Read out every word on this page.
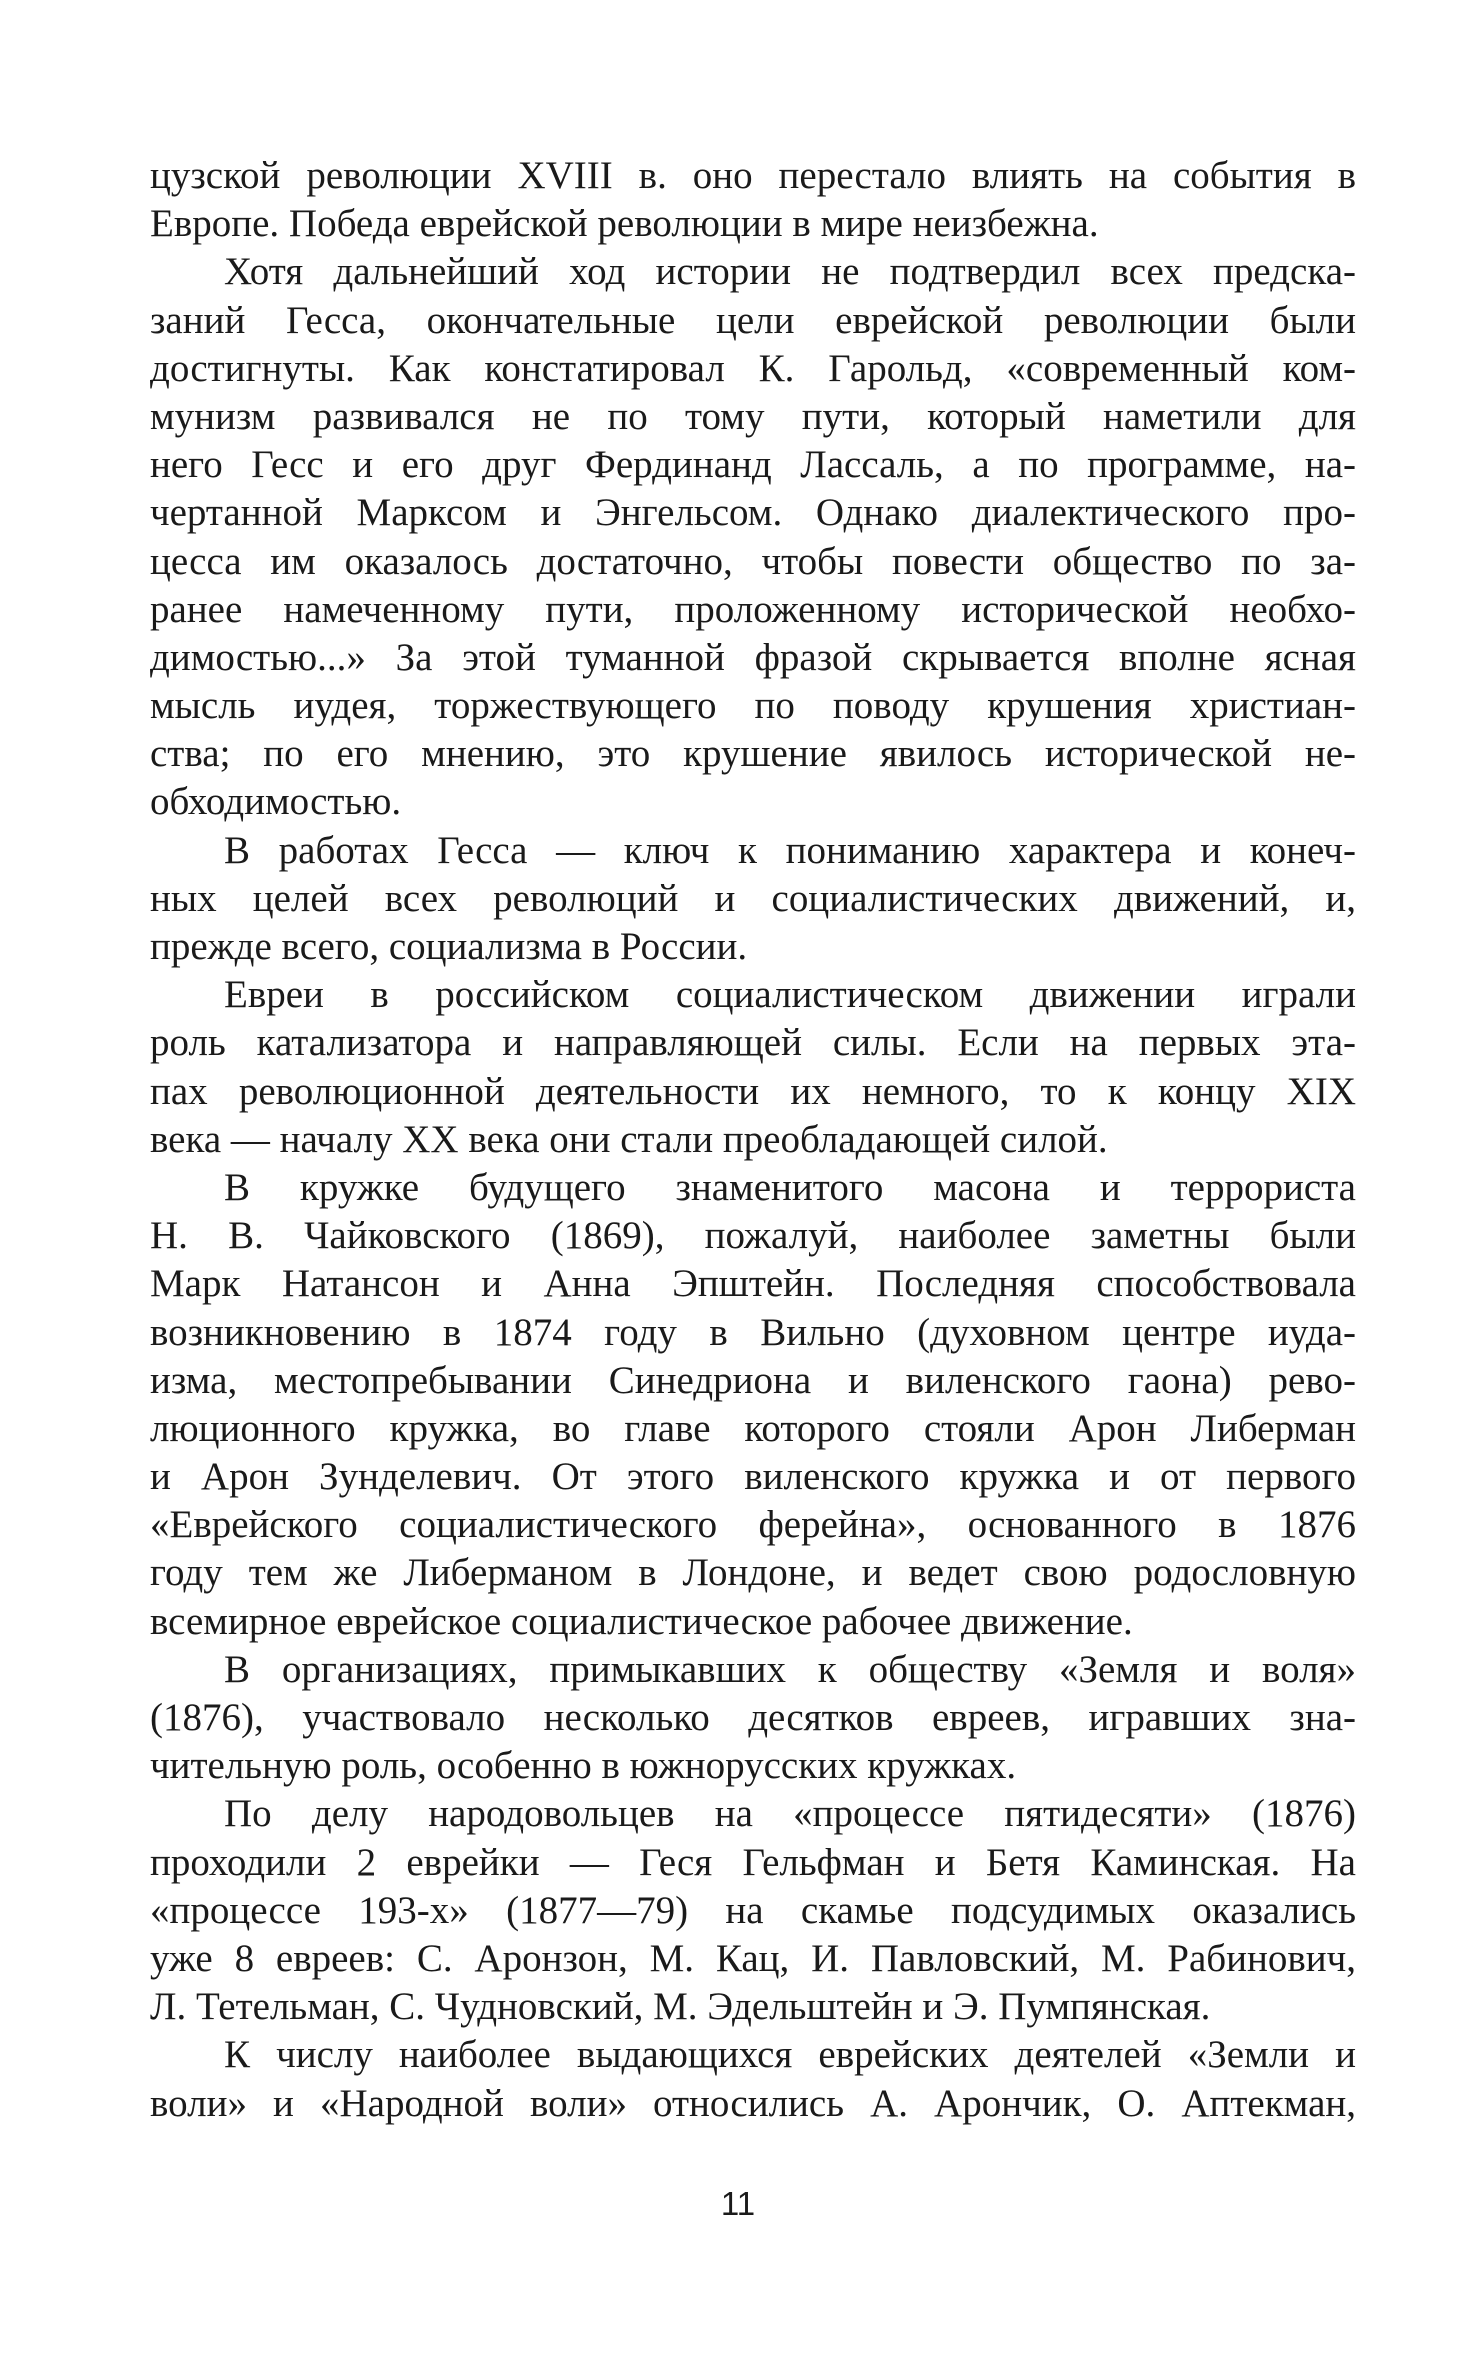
цузской революции XVIII в. оно перестало влиять на события в
Европе. Победа еврейской революции в мире неизбежна.
Хотя дальнейший ход истории не подтвердил всех предска-
заний Гесса, окончательные цели еврейской революции были
достигнуты. Как констатировал К. Гарольд, «современный ком-
мунизм развивался не по тому пути, который наметили для
него Гесс и его друг Фердинанд Лассаль, а по программе, на-
чертанной Марксом и Энгельсом. Однако диалектического про-
цесса им оказалось достаточно, чтобы повести общество по за-
ранее намеченному пути, проложенному исторической необхо-
димостью...» За этой туманной фразой скрывается вполне ясная
мысль иудея, торжествующего по поводу крушения христиан-
ства; по его мнению, это крушение явилось исторической не-
обходимостью.
В работах Гесса — ключ к пониманию характера и конеч-
ных целей всех революций и социалистических движений, и,
прежде всего, социализма в России.
Евреи в российском социалистическом движении играли
роль катализатора и направляющей силы. Если на первых эта-
пах революционной деятельности их немного, то к концу XIX
века — началу XX века они стали преобладающей силой.
В кружке будущего знаменитого масона и террориста
Н. В. Чайковского (1869), пожалуй, наиболее заметны были
Марк Натансон и Анна Эпштейн. Последняя способствовала
возникновению в 1874 году в Вильно (духовном центре иуда-
изма, местопребывании Синедриона и виленского гаона) рево-
люционного кружка, во главе которого стояли Арон Либерман
и Арон Зунделевич. От этого виленского кружка и от первого
«Еврейского социалистического ферейна», основанного в 1876
году тем же Либерманом в Лондоне, и ведет свою родословную
всемирное еврейское социалистическое рабочее движение.
В организациях, примыкавших к обществу «Земля и воля»
(1876), участвовало несколько десятков евреев, игравших зна-
чительную роль, особенно в южнорусских кружках.
По делу народовольцев на «процессе пятидесяти» (1876)
проходили 2 еврейки — Геся Гельфман и Бетя Каминская. На
«процессе 193-х» (1877—79) на скамье подсудимых оказались
уже 8 евреев: С. Аронзон, М. Кац, И. Павловский, М. Рабинович,
Л. Тетельман, С. Чудновский, М. Эдельштейн и Э. Пумпянская.
К числу наиболее выдающихся еврейских деятелей «Земли и
воли» и «Народной воли» относились А. Арончик, О. Аптекман,
11
